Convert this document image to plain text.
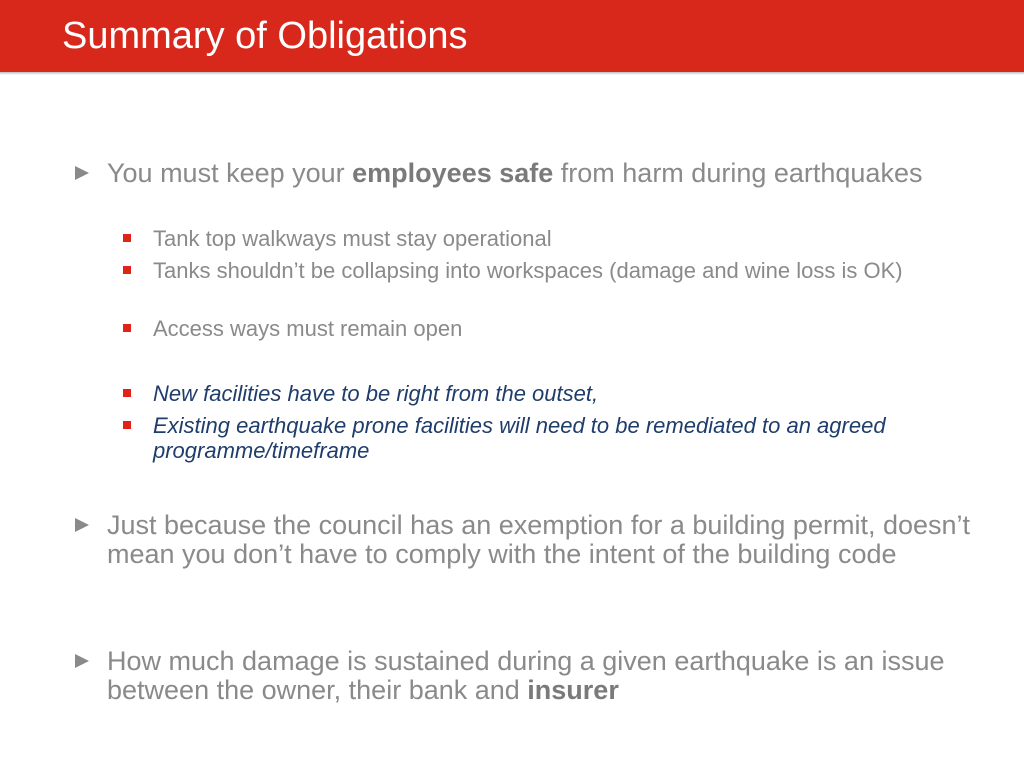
Summary of Obligations
You must keep your employees safe from harm during earthquakes
Tank top walkways must stay operational
Tanks shouldn’t be collapsing into workspaces (damage and wine loss is OK)
Access ways must remain open
New facilities have to be right from the outset,
Existing earthquake prone facilities will need to be remediated to an agreed programme/timeframe
Just because the council has an exemption for a building permit, doesn’t mean you don’t have to comply with the intent of the building code
How much damage is sustained during a given earthquake is an issue between the owner, their bank and insurer
